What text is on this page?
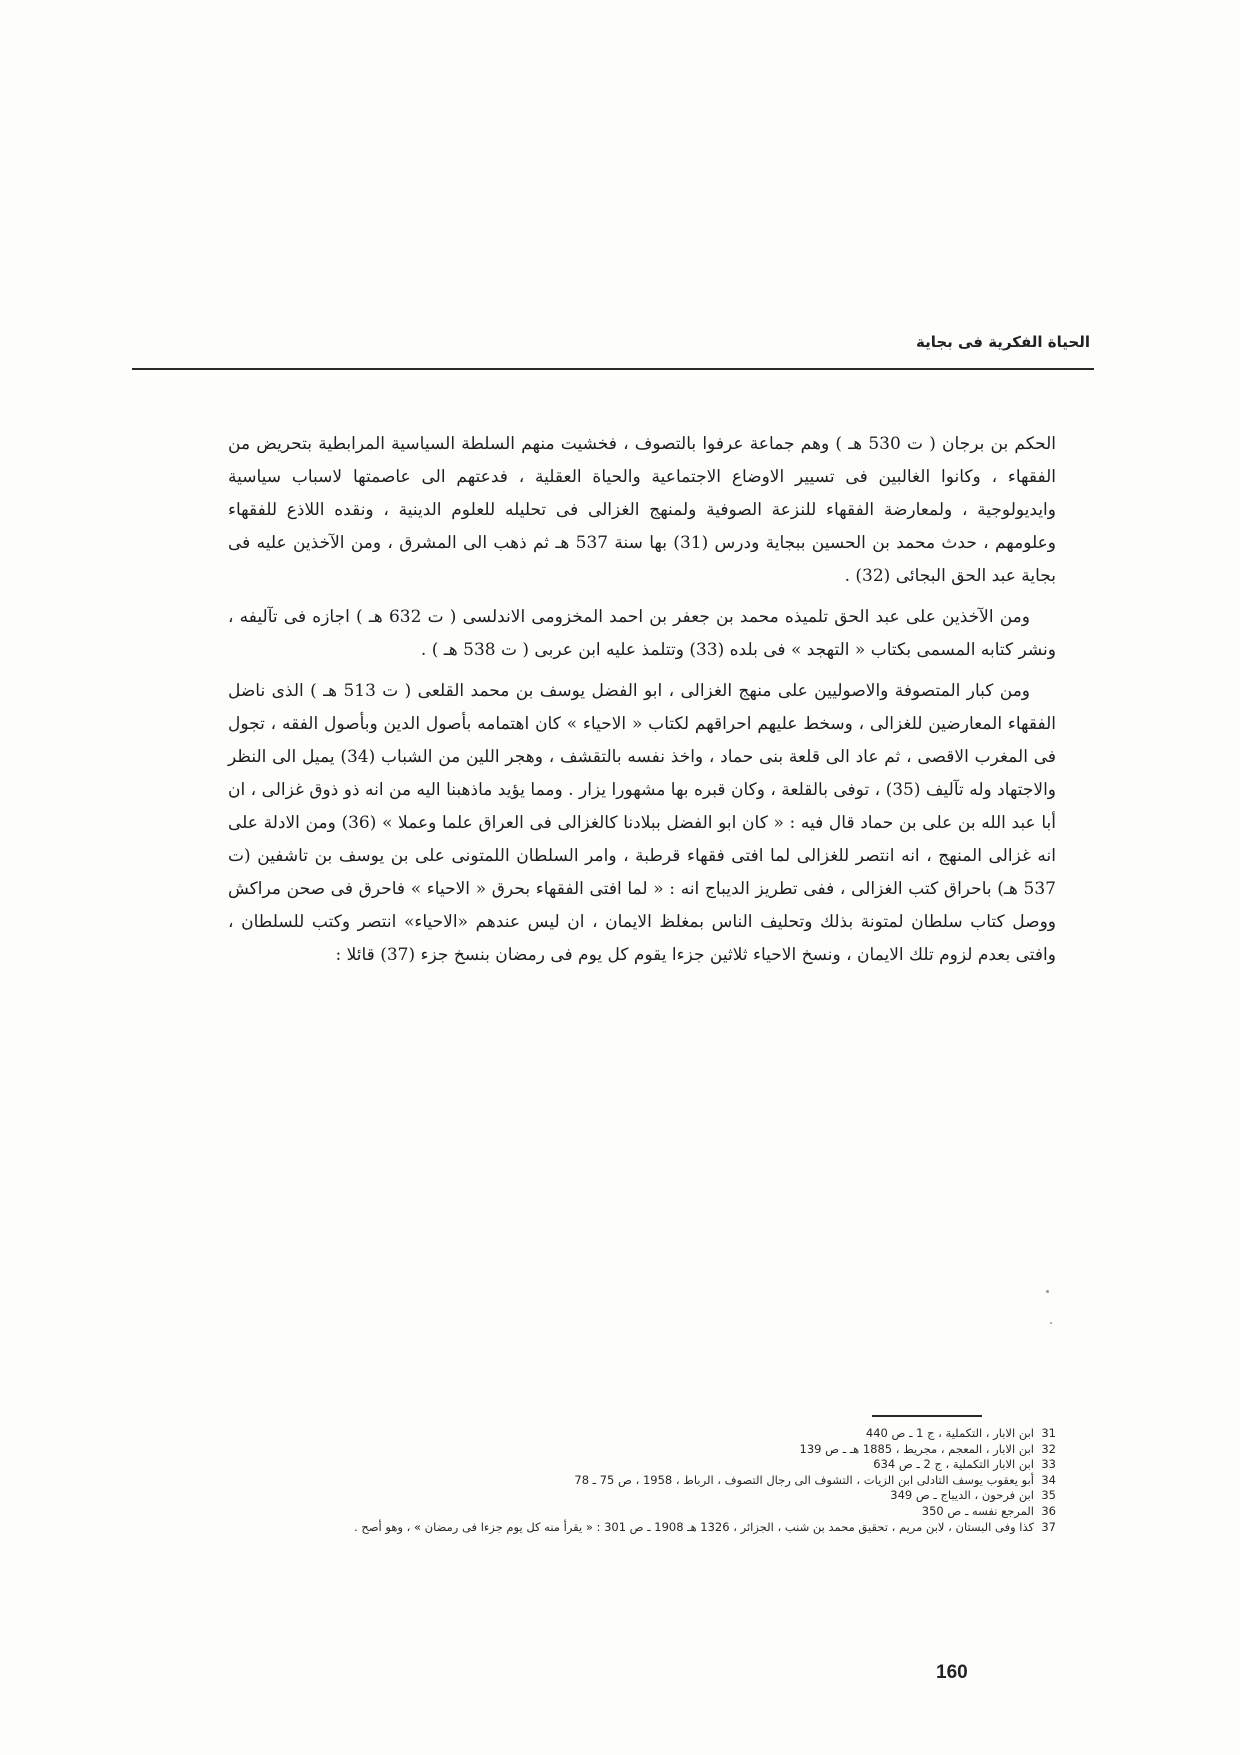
الحياة الفكرية فى بجاية

الحكم بن برجان ( ت 530 هـ ) وهم جماعة عرفوا بالتصوف ، فخشيت منهم السلطة السياسية المرابطية بتحريض من الفقهاء ، وكانوا الغالبين فى تسيير الاوضاع الاجتماعية والحياة العقلية ، فدعتهم الى عاصمتها لاسباب سياسية وايديولوجية ، ولمعارضة الفقهاء للنزعة الصوفية ولمنهج الغزالى فى تحليله للعلوم الدينية ، ونقده اللاذع للفقهاء وعلومهم ، حدث محمد بن الحسين ببجاية ودرس (31) بها سنة 537 هـ ثم ذهب الى المشرق ، ومن الآخذين عليه فى بجاية عبد الحق البجائى (32) .

ومن الآخذين على عبد الحق تلميذه محمد بن جعفر بن احمد المخزومى الاندلسى ( ت 632 هـ ) اجازه فى تآليفه ، ونشر كتابه المسمى بكتاب « التهجد » فى بلده (33) وتتلمذ عليه ابن عربى ( ت 538 هـ ) .

ومن كبار المتصوفة والاصوليين على منهج الغزالى ، ابو الفضل يوسف بن محمد القلعى ( ت 513 هـ ) الذى ناضل الفقهاء المعارضين للغزالى ، وسخط عليهم احراقهم لكتاب « الاحياء » كان اهتمامه بأصول الدين وبأصول الفقه ، تجول فى المغرب الاقصى ، ثم عاد الى قلعة بنى حماد ، واخذ نفسه بالتقشف ، وهجر اللين من الشباب (34) يميل الى النظر والاجتهاد وله تآليف (35) ، توفى بالقلعة ، وكان قبره بها مشهورا يزار . ومما يؤيد ماذهبنا اليه من انه ذو ذوق غزالى ، ان أبا عبد الله بن على بن حماد قال فيه : « كان ابو الفضل ببلادنا كالغزالى فى العراق علما وعملا » (36) ومن الادلة على انه غزالى المنهج ، انه انتصر للغزالى لما افتى فقهاء قرطبة ، وامر السلطان اللمتونى على بن يوسف بن تاشفين (ت 537 هـ) باحراق كتب الغزالى ، ففى تطريز الديباج انه : « لما افتى الفقهاء بحرق « الاحياء » فاحرق فى صحن مراكش ووصل كتاب سلطان لمتونة بذلك وتحليف الناس بمغلظ الايمان ، ان ليس عندهم «الاحياء» انتصر وكتب للسلطان ، وافتى بعدم لزوم تلك الايمان ، ونسخ الاحياء ثلاثين جزءا يقوم كل يوم فى رمضان بنسخ جزء (37) قائلا :

31
ابن الابار ، التكملية ، ج 1 ـ ص 440

32
ابن الابار ، المعجم ، مجريط ، 1885 هـ ـ ص 139

33
ابن الابار التكملية ، ج 2 ـ ص 634

34
أبو يعقوب يوسف التادلى ابن الزيات ، التشوف الى رجال التصوف ، الرباط ، 1958 ، ص 75 ـ 78

35
ابن فرحون ، الديباج ـ ص 349

36
المرجع نفسه ـ ص 350

37
كذا وفى البستان ، لابن مريم ، تحقيق محمد بن شنب ، الجزائر ، 1326 هـ 1908 ـ ص 301 : « يقرأ منه كل يوم جزءا فى رمضان » ، وهو أصح .

160
